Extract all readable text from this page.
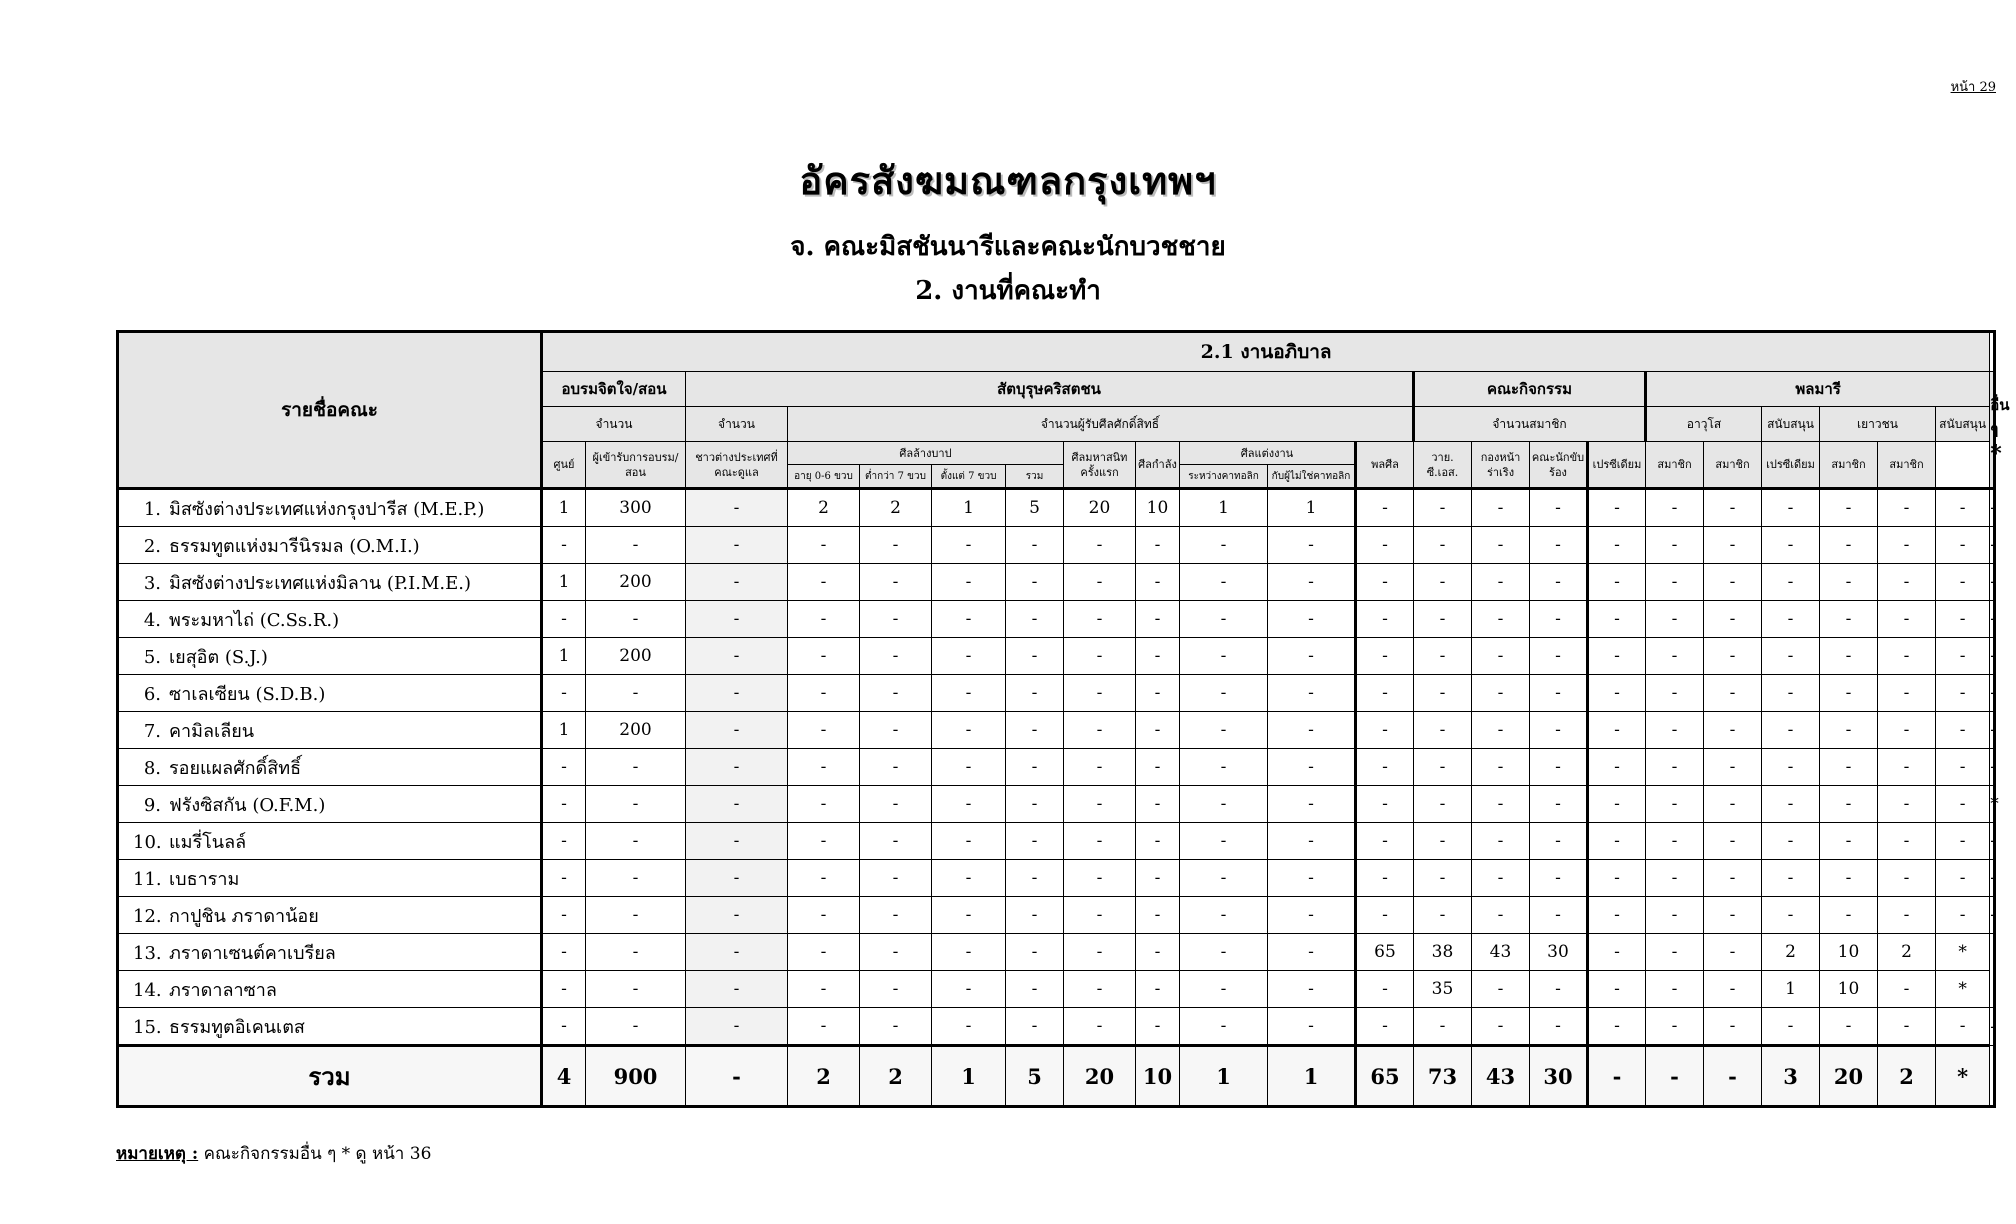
หน้า 29
อัครสังฆมณฑลกรุงเทพฯ
จ. คณะมิสชันนารีและคณะนักบวชชาย
2. งานที่คณะทำ
รายชื่อคณะ	2.1 งานอภิบาล																						
	อบรมจิตใจ/สอน		สัตบุรุษคริสตชน										คณะกิจกรรม				พลมารี						อื่น ๆ
*

	จำนวน		จำนวน	จำนวนผู้รับศีลศักดิ์สิทธิ์									จำนวนสมาชิก				อาวุโส		สนับสนุน	เยาวชน		สนับสนุน	
	ศูนย์	ผู้เข้ารับการอบรม/สอน	ชาวต่างประเทศที่คณะดูแล	ศีลล้างบาป				ศีลมหาสนิทครั้งแรก	ศีลกำลัง	ศีลแต่งงาน		พลศีล	วาย. ซี.เอส.	กองหน้า ร่าเริง	คณะนักขับร้อง	เปรซีเดียม	สมาชิก	สมาชิก	เปรซีเดียม	สมาชิก	สมาชิก		
				อายุ 0-6 ขวบ	ต่ำกว่า 7 ขวบ	ตั้งแต่ 7 ขวบ	รวม			ระหว่างคาทอลิก	กับผู้ไม่ใช่คาทอลิก												
1. มิสซังต่างประเทศแห่งกรุงปารีส (M.E.P.)	1	300	-	2	2	1	5	20	10	1	1	-	-	-	-	-	-	-	-	-	-	-	-
2. ธรรมทูตแห่งมารีนิรมล (O.M.I.)	-	-	-	-	-	-	-	-	-	-	-	-	-	-	-	-	-	-	-	-	-	-	-
3. มิสซังต่างประเทศแห่งมิลาน (P.I.M.E.)	1	200	-	-	-	-	-	-	-	-	-	-	-	-	-	-	-	-	-	-	-	-	-
4. พระมหาไถ่ (C.Ss.R.)	-	-	-	-	-	-	-	-	-	-	-	-	-	-	-	-	-	-	-	-	-	-	-
5. เยสุอิต (S.J.)	1	200	-	-	-	-	-	-	-	-	-	-	-	-	-	-	-	-	-	-	-	-	-
6. ซาเลเซียน (S.D.B.)	-	-	-	-	-	-	-	-	-	-	-	-	-	-	-	-	-	-	-	-	-	-	-
7. คามิลเลียน	1	200	-	-	-	-	-	-	-	-	-	-	-	-	-	-	-	-	-	-	-	-	-
8. รอยแผลศักดิ์สิทธิ์	-	-	-	-	-	-	-	-	-	-	-	-	-	-	-	-	-	-	-	-	-	-	-
9. ฟรังซิสกัน (O.F.M.)	-	-	-	-	-	-	-	-	-	-	-	-	-	-	-	-	-	-	-	-	-	-	*
10. แมรี่โนลล์	-	-	-	-	-	-	-	-	-	-	-	-	-	-	-	-	-	-	-	-	-	-	-
11. เบธาราม	-	-	-	-	-	-	-	-	-	-	-	-	-	-	-	-	-	-	-	-	-	-	-
12. กาปูชิน ภราดาน้อย	-	-	-	-	-	-	-	-	-	-	-	-	-	-	-	-	-	-	-	-	-	-	-
13. ภราดาเซนต์คาเบรียล	-	-	-	-	-	-	-	-	-	-	-	65	38	43	30	-	-	-	2	10	2	*	
14. ภราดาลาซาล	-	-	-	-	-	-	-	-	-	-	-	-	35	-	-	-	-	-	1	10	-	*	
15. ธรรมทูตอิเคนเตส	-	-	-	-	-	-	-	-	-	-	-	-	-	-	-	-	-	-	-	-	-	-	-
รวม	4	900	-	2	2	1	5	20	10	1	1	65	73	43	30	-	-	-	3	20	2	*	
หมายเหตุ : คณะกิจกรรมอื่น ๆ * ดู หน้า 36
